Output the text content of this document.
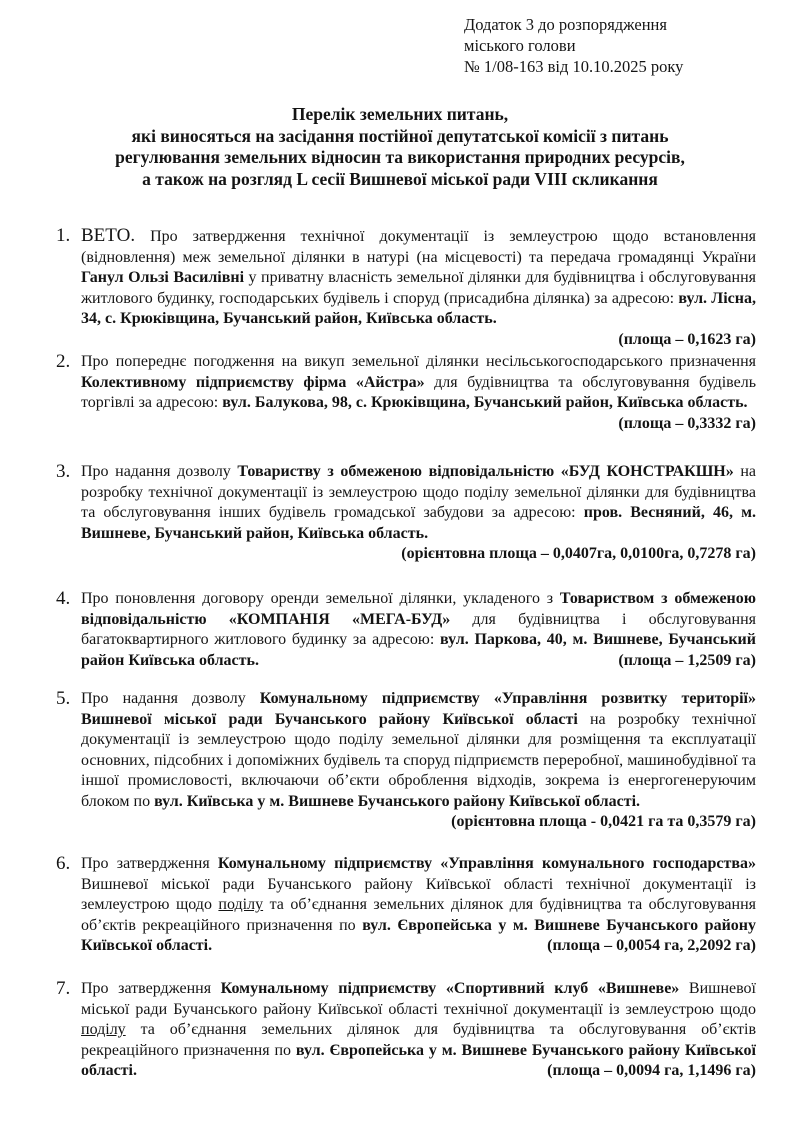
Додаток 3 до розпорядження
міського голови
№ 1/08-163 від 10.10.2025 року
Перелік земельних питань,
які виносяться на засідання постійної депутатської комісії з питань
регулювання земельних відносин та використання природних ресурсів,
а також на розгляд L сесії Вишневої міської ради VIII скликання
1. ВЕТО. Про затвердження технічної документації із землеустрою щодо встановлення (відновлення) меж земельної ділянки в натурі (на місцевості) та передача громадянці України Ганул Ользі Василівні у приватну власність земельної ділянки для будівництва і обслуговування житлового будинку, господарських будівель і споруд (присадибна ділянка) за адресою: вул. Лісна, 34, с. Крюківщина, Бучанський район, Київська область.
(площа – 0,1623 га)
2. Про попереднє погодження на викуп земельної ділянки несільськогосподарського призначення Колективному підприємству фірма «Айстра» для будівництва та обслуговування будівель торгівлі за адресою: вул. Балукова, 98, с. Крюківщина, Бучанський район, Київська область.
(площа – 0,3332 га)
3. Про надання дозволу Товариству з обмеженою відповідальністю «БУД КОНСТРАКШН» на розробку технічної документації із землеустрою щодо поділу земельної ділянки для будівництва та обслуговування інших будівель громадської забудови за адресою: пров. Весняний, 46, м. Вишневе, Бучанський район, Київська область.
(орієнтовна площа – 0,0407га, 0,0100га, 0,7278 га)
4. Про поновлення договору оренди земельної ділянки, укладеного з Товариством з обмеженою відповідальністю «КОМПАНІЯ «МЕГА-БУД» для будівництва і обслуговування багатоквартирного житлового будинку за адресою: вул. Паркова, 40, м. Вишневе, Бучанський район Київська область.	(площа – 1,2509 га)
5. Про надання дозволу Комунальному підприємству «Управління розвитку території» Вишневої міської ради Бучанського району Київської області на розробку технічної документації із землеустрою щодо поділу земельної ділянки для розміщення та експлуатації основних, підсобних і допоміжних будівель та споруд підприємств переробної, машинобудівної та іншої промисловості, включаючи об’єкти оброблення відходів, зокрема із енергогенеруючим блоком по вул. Київська у м. Вишневе Бучанського району Київської області.
(орієнтовна площа - 0,0421 га та 0,3579 га)
6. Про затвердження Комунальному підприємству «Управління комунального господарства» Вишневої міської ради Бучанського району Київської області технічної документації із землеустрою щодо поділу та об’єднання земельних ділянок для будівництва та обслуговування об’єктів рекреаційного призначення по вул. Європейська у м. Вишневе Бучанського району Київської області.	(площа – 0,0054 га, 2,2092 га)
7. Про затвердження Комунальному підприємству «Спортивний клуб «Вишневе» Вишневої міської ради Бучанського району Київської області технічної документації із землеустрою щодо поділу та об’єднання земельних ділянок для будівництва та обслуговування об’єктів рекреаційного призначення по вул. Європейська у м. Вишневе Бучанського району Київської області.	(площа – 0,0094 га, 1,1496 га)
